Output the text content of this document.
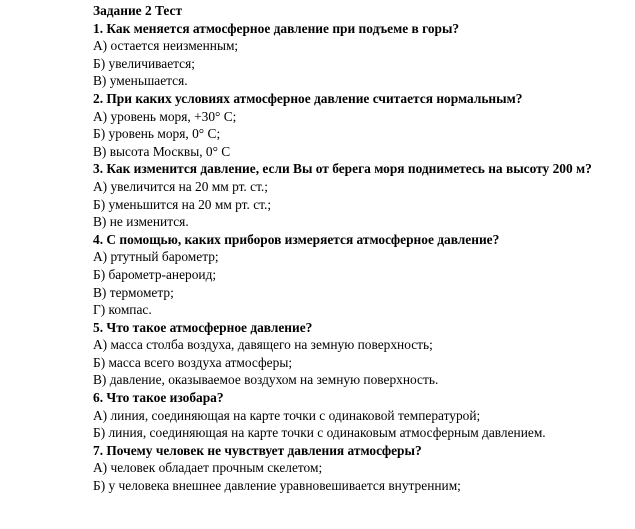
Задание 2 Тест
1. Как меняется атмосферное давление при подъеме в горы?
А) остается неизменным;
Б) увеличивается;
В) уменьшается.
2. При каких условиях атмосферное давление считается нормальным?
А) уровень моря, +30° С;
Б) уровень моря, 0° С;
В) высота Москвы, 0° С
3. Как изменится давление, если Вы от берега моря подниметесь на высоту 200 м?
А) увеличится на 20 мм рт. ст.;
Б) уменьшится на 20 мм рт. ст.;
В) не изменится.
4. С помощью, каких приборов измеряется атмосферное давление?
А) ртутный барометр;
Б) барометр-анероид;
В) термометр;
Г) компас.
5. Что такое атмосферное давление?
А) масса столба воздуха, давящего на земную поверхность;
Б) масса всего воздуха атмосферы;
В) давление, оказываемое воздухом на земную поверхность.
6. Что такое изобара?
А) линия, соединяющая на карте точки с одинаковой температурой;
Б) линия, соединяющая на карте точки с одинаковым атмосферным давлением.
7. Почему человек не чувствует давления атмосферы?
А) человек обладает прочным скелетом;
Б) у человека внешнее давление уравновешивается внутренним;
